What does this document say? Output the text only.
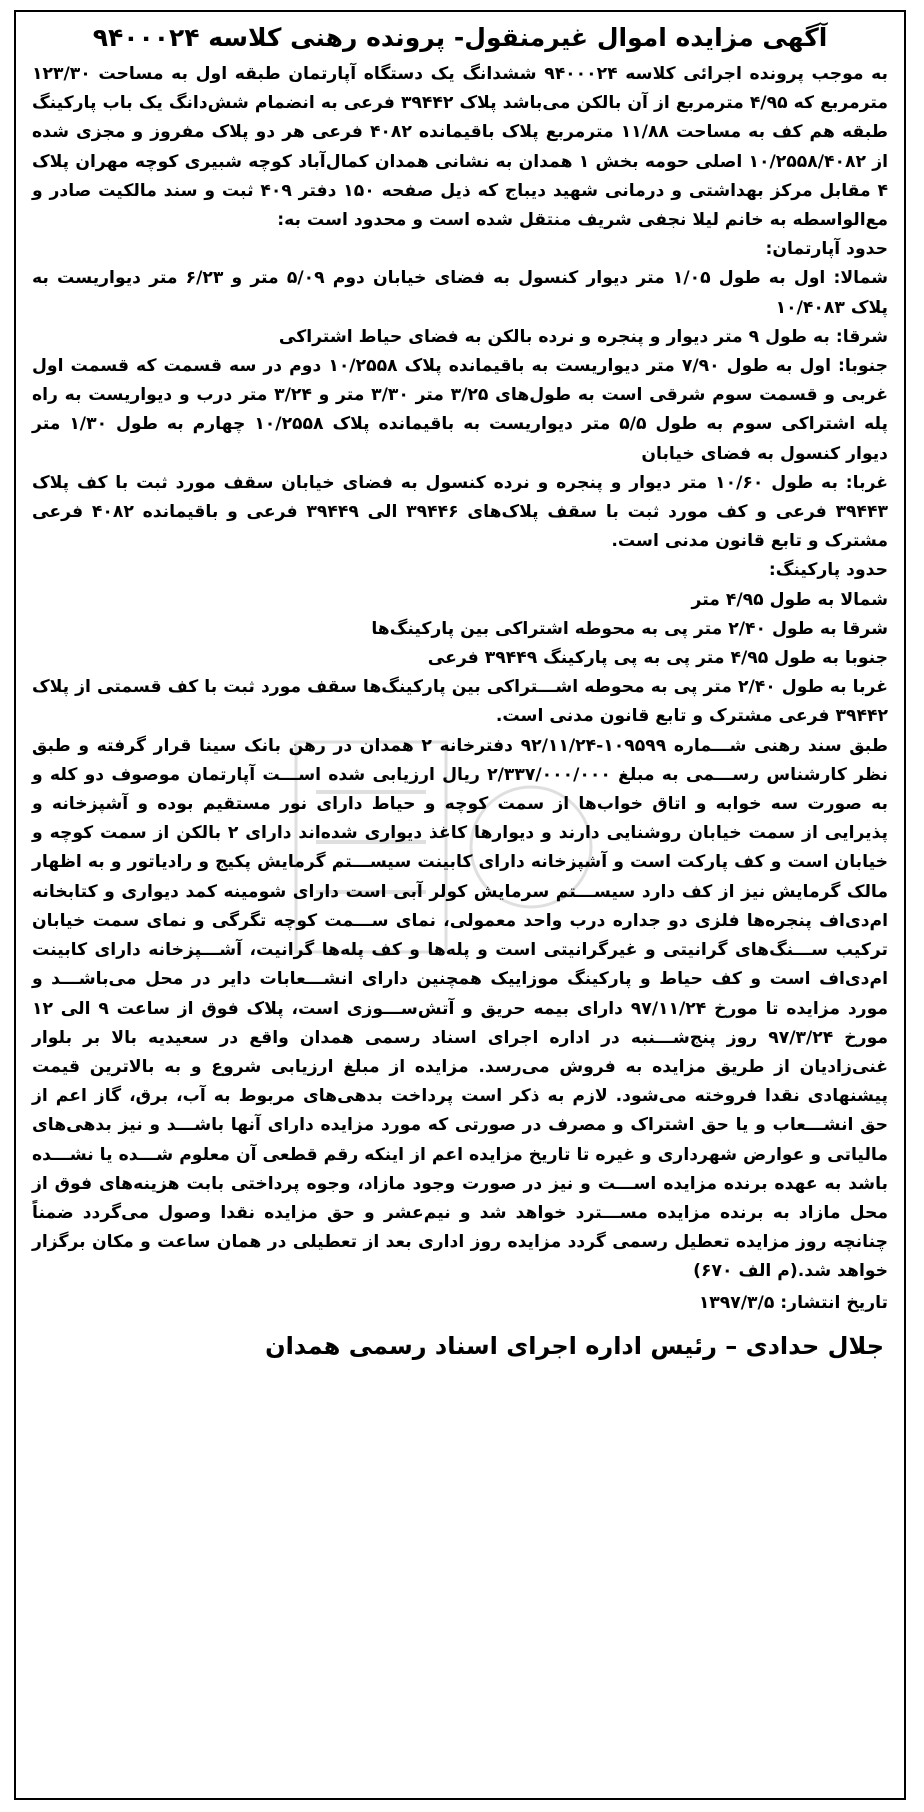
آگهی مزایده اموال غیرمنقول- پرونده رهنی کلاسه ۹۴۰۰۰۲۴

به موجب پرونده اجرائی کلاسه ۹۴۰۰۰۲۴ ششدانگ یک دستگاه آپارتمان طبقه اول به مساحت ۱۲۳/۳۰ مترمربع که ۴/۹۵ مترمربع از آن بالکن می‌باشد پلاک ۳۹۴۴۲ فرعی به انضمام شش‌دانگ یک باب پارکینگ طبقه هم کف به مساحت ۱۱/۸۸ مترمربع پلاک باقیمانده ۴۰۸۲ فرعی هر دو پلاک مفروز و مجزی شده از ۱۰/۲۵۵۸/۴۰۸۲ اصلی حومه بخش ۱ همدان به نشانی همدان کمال‌آباد کوچه شبیری کوچه مهران پلاک ۴ مقابل مرکز بهداشتی و درمانی شهید دیباج که ذیل صفحه ۱۵۰ دفتر ۴۰۹ ثبت و سند مالکیت صادر و مع‌الواسطه به خانم لیلا نجفی شریف منتقل شده است و محدود است به:

حدود آپارتمان:

شمالا: اول به طول ۱/۰۵ متر دیوار کنسول به فضای خیابان دوم ۵/۰۹ متر و ۶/۲۳ متر دیواریست به پلاک ۱۰/۴۰۸۳

شرقا: به طول ۹ متر دیوار و پنجره و نرده بالکن به فضای حیاط اشتراکی

جنوبا: اول به طول ۷/۹۰ متر دیواریست به باقیمانده پلاک ۱۰/۲۵۵۸ دوم در سه قسمت که قسمت اول غربی و قسمت سوم شرقی است به طول‌های ۳/۲۵ متر ۳/۳۰ متر و ۳/۲۴ متر درب و دیواریست به راه پله اشتراکی سوم به طول ۵/۵ متر دیواریست به باقیمانده پلاک ۱۰/۲۵۵۸ چهارم به طول ۱/۳۰ متر دیوار کنسول به فضای خیابان

غربا: به طول ۱۰/۶۰ متر دیوار و پنجره و نرده کنسول به فضای خیابان سقف مورد ثبت با کف پلاک ۳۹۴۴۳ فرعی و کف مورد ثبت با سقف پلاک‌های ۳۹۴۴۶ الی ۳۹۴۴۹ فرعی و باقیمانده ۴۰۸۲ فرعی مشترک و تابع قانون مدنی است.

حدود پارکینگ:
شمالا به طول ۴/۹۵ متر
شرقا به طول ۲/۴۰ متر پی به محوطه اشتراکی بین پارکینگ‌ها
جنوبا به طول ۴/۹۵ متر پی به پی پارکینگ ۳۹۴۴۹ فرعی

غربا به طول ۲/۴۰ متر پی به محوطه اشـــتراکی بین پارکینگ‌ها سقف مورد ثبت با کف قسمتی از پلاک ۳۹۴۴۲ فرعی مشترک و تابع قانون مدنی است.

طبق سند رهنی شـــماره ۱۰۹۵۹۹-۹۲/۱۱/۲۴ دفترخانه ۲ همدان در رهن بانک سینا قرار گرفته و طبق نظر کارشناس رســـمی به مبلغ ۲/۳۳۷/۰۰۰/۰۰۰ ریال ارزیابی شده اســـت آپارتمان موصوف دو کله و به صورت سه خوابه و اتاق خواب‌ها از سمت کوچه و حیاط دارای نور مستقیم بوده و آشپزخانه و پذیرایی از سمت خیابان روشنایی دارند و دیوارها کاغذ دیواری شده‌اند دارای ۲ بالکن از سمت کوچه و خیابان است و کف پارکت است و آشپزخانه دارای کابینت سیســـتم گرمایش پکیج و رادیاتور و به اظهار مالک گرمایش نیز از کف دارد سیســـتم سرمایش کولر آبی است دارای شومینه کمد دیواری و کتابخانه ام‌دی‌اف پنجره‌ها فلزی دو جداره درب واحد معمولی، نمای ســـمت کوچه تگرگی و نمای سمت خیابان ترکیب ســـنگ‌های گرانیتی و غیرگرانیتی است و پله‌ها و کف پله‌ها گرانیت، آشـــپزخانه دارای کابینت ام‌دی‌اف است و کف حیاط و پارکینگ موزاییک همچنین دارای انشـــعابات دایر در محل می‌باشـــد و مورد مزایده تا مورخ ۹۷/۱۱/۲۴ دارای بیمه حریق و آتش‌ســـوزی است، پلاک فوق از ساعت ۹ الی ۱۲ مورخ ۹۷/۳/۲۴ روز پنج‌شـــنبه در اداره اجرای اسناد رسمی همدان واقع در سعیدیه بالا بر بلوار غنی‌زادیان از طریق مزایده به فروش می‌رسد. مزایده از مبلغ ارزیابی شروع و به بالاترین قیمت پیشنهادی نقدا فروخته می‌شود. لازم به ذکر است پرداخت بدهی‌های مربوط به آب، برق، گاز اعم از حق انشـــعاب و یا حق اشتراک و مصرف در صورتی که مورد مزایده دارای آنها باشـــد و نیز بدهی‌های مالیاتی و عوارض شهرداری و غیره تا تاریخ مزایده اعم از اینکه رقم قطعی آن معلوم شـــده یا نشـــده باشد به عهده برنده مزایده اســـت و نیز در صورت وجود مازاد، وجوه پرداختی بابت هزینه‌های فوق از محل مازاد به برنده مزایده مســـترد خواهد شد و نیم‌عشر و حق مزایده نقدا وصول می‌گردد ضمناً چنانچه روز مزایده تعطیل رسمی گردد مزایده روز اداری بعد از تعطیلی در همان ساعت و مکان برگزار خواهد شد.(م الف ۶۷۰)

تاریخ انتشار: ۱۳۹۷/۳/۵
جلال حدادی – رئیس اداره اجرای اسناد رسمی همدان
